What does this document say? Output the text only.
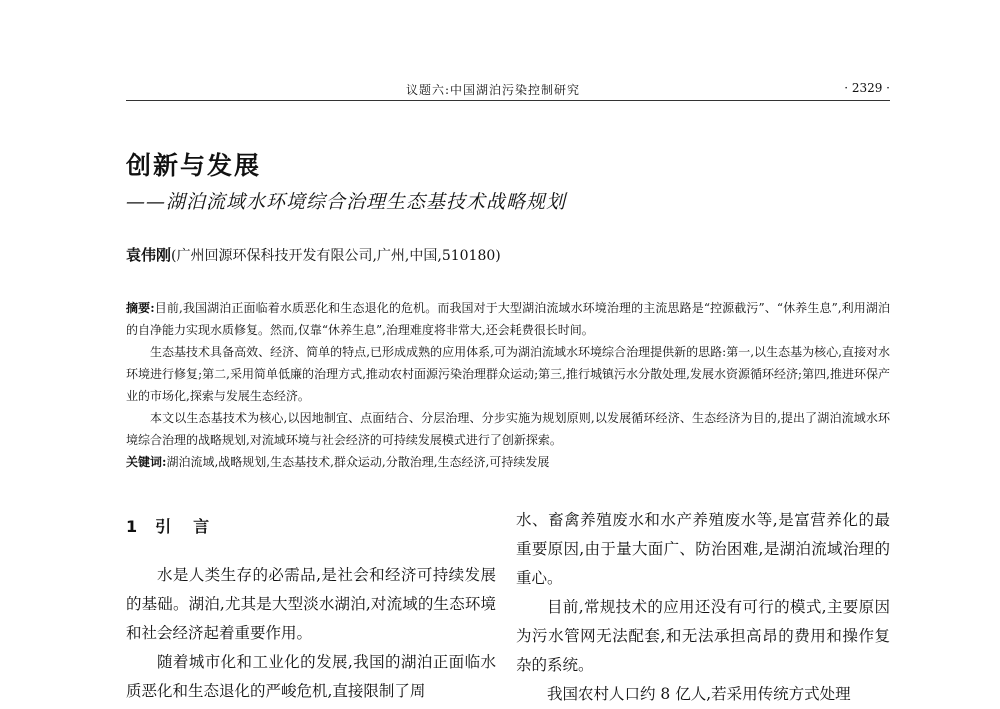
议题六:中国湖泊污染控制研究	· 2329 ·
创新与发展
——湖泊流域水环境综合治理生态基技术战略规划
袁伟刚(广州回源环保科技开发有限公司,广州,中国,510180)

摘要:目前,我国湖泊正面临着水质恶化和生态退化的危机。而我国对于大型湖泊流域水环境治理的主流思路是“控源截污”、“休养生息”,利用湖泊的自净能力实现水质修复。然而,仅靠“休养生息”,治理难度将非常大,还会耗费很长时间。

生态基技术具备高效、经济、简单的特点,已形成成熟的应用体系,可为湖泊流域水环境综合治理提供新的思路:第一,以生态基为核心,直接对水环境进行修复;第二,采用简单低廉的治理方式,推动农村面源污染治理群众运动;第三,推行城镇污水分散处理,发展水资源循环经济;第四,推进环保产业的市场化,探索与发展生态经济。

本文以生态基技术为核心,以因地制宜、点面结合、分层治理、分步实施为规划原则,以发展循环经济、生态经济为目的,提出了湖泊流域水环境综合治理的战略规划,对流域环境与社会经济的可持续发展模式进行了创新探索。

关键词:湖泊流域,战略规划,生态基技术,群众运动,分散治理,生态经济,可持续发展

1 引言

水是人类生存的必需品,是社会和经济可持续发展的基础。湖泊,尤其是大型淡水湖泊,对流域的生态环境和社会经济起着重要作用。

随着城市化和工业化的发展,我国的湖泊正面临水质恶化和生态退化的严峻危机,直接限制了周

水、畜禽养殖废水和水产养殖废水等,是富营养化的最重要原因,由于量大面广、防治困难,是湖泊流域治理的重心。

目前,常规技术的应用还没有可行的模式,主要原因为污水管网无法配套,和无法承担高昂的费用和操作复杂的系统。

我国农村人口约 8 亿人,若采用传统方式处理
